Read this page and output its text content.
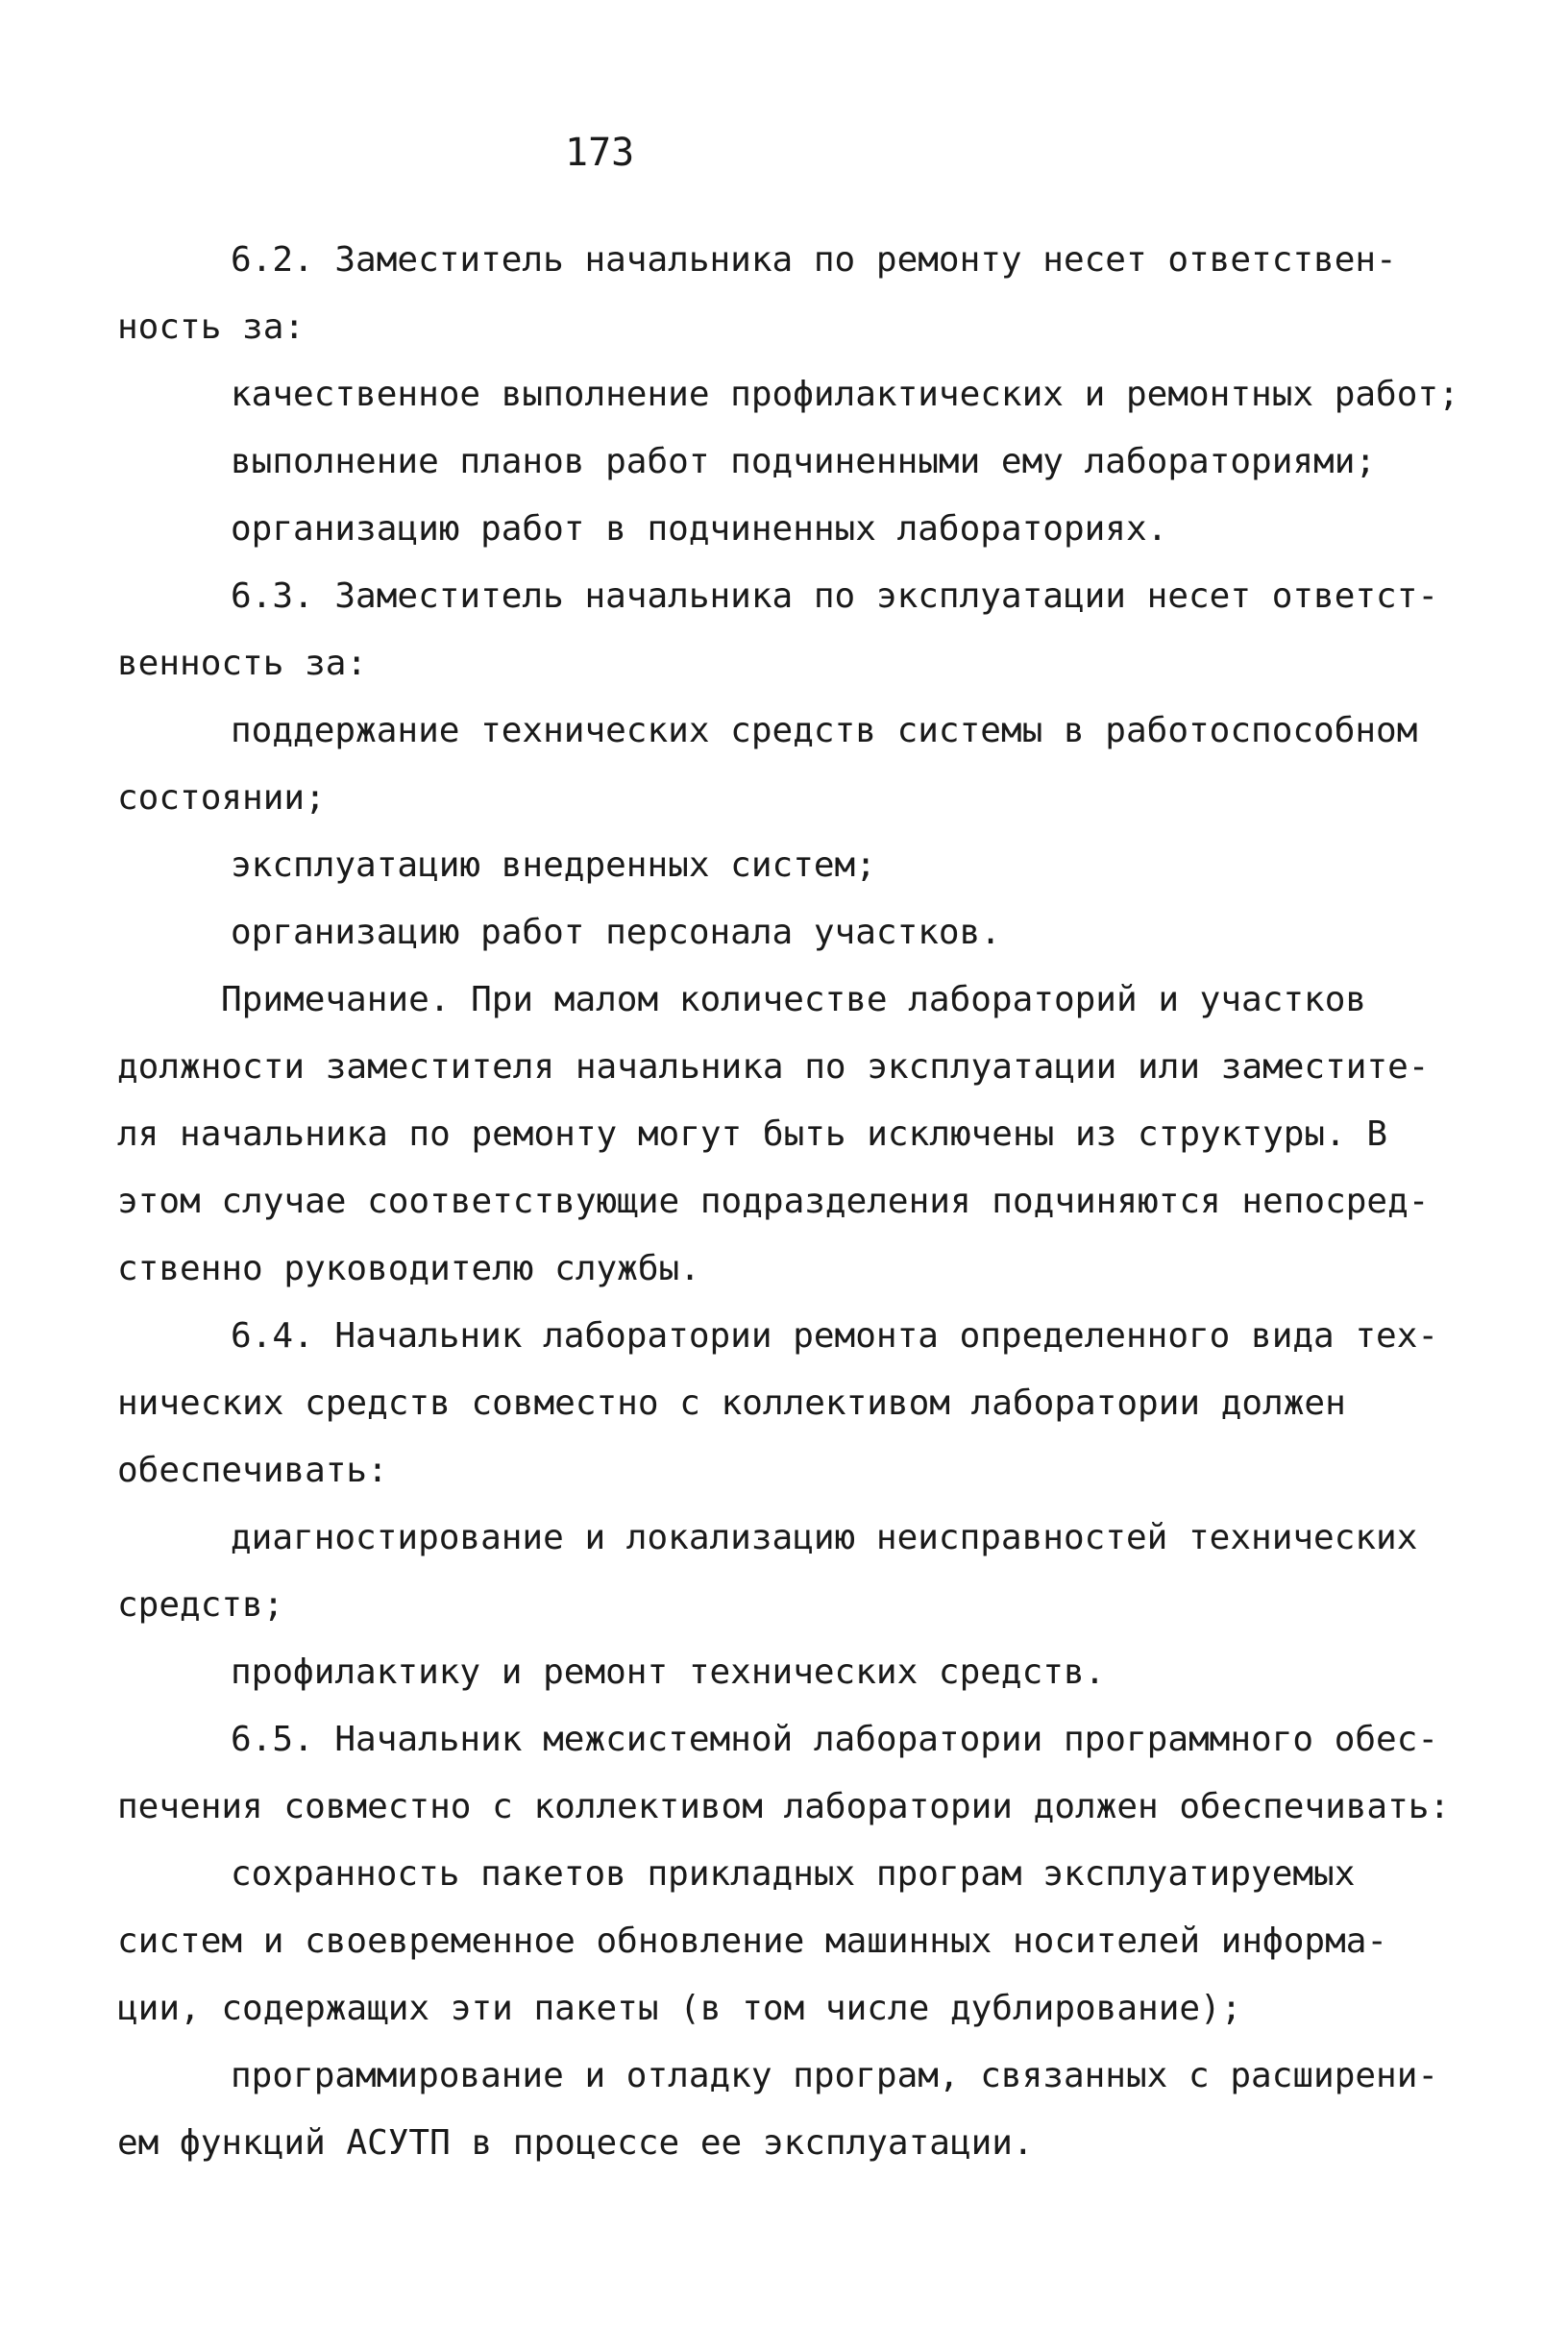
173
6.2. Заместитель начальника по ремонту несет ответствен-
ность за:
качественное выполнение профилактических и ремонтных работ;
выполнение планов работ подчиненными ему лабораториями;
организацию работ в подчиненных лабораториях.
6.3. Заместитель начальника по эксплуатации несет ответст-
венность за:
поддержание технических средств системы в работоспособном
состоянии;
эксплуатацию внедренных систем;
организацию работ персонала участков.
Примечание. При малом количестве лабораторий и участков
должности заместителя начальника по эксплуатации или заместите-
ля начальника по ремонту могут быть исключены из структуры. В
этом случае соответствующие подразделения подчиняются непосред-
ственно руководителю службы.
6.4. Начальник лаборатории ремонта определенного вида тех-
нических средств совместно с коллективом лаборатории должен
обеспечивать:
диагностирование и локализацию неисправностей технических
средств;
профилактику и ремонт технических средств.
6.5. Начальник межсистемной лаборатории программного обес-
печения совместно с коллективом лаборатории должен обеспечивать:
сохранность пакетов прикладных програм эксплуатируемых
систем и своевременное обновление машинных носителей информа-
ции, содержащих эти пакеты (в том числе дублирование);
программирование и отладку програм, связанных с расширени-
ем функций АСУТП в процессе ее эксплуатации.
